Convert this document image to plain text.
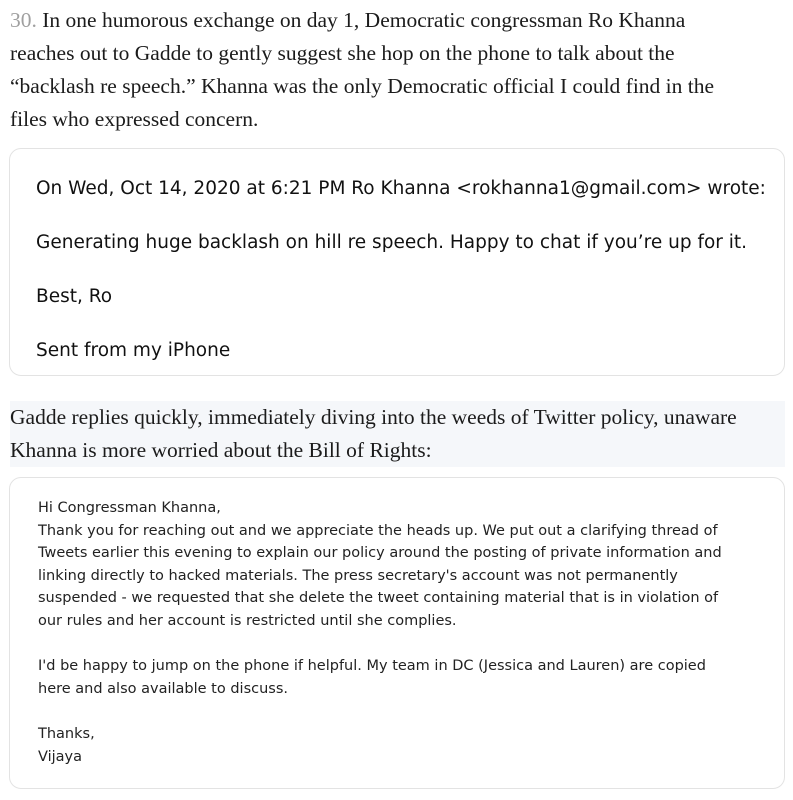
30. In one humorous exchange on day 1, Democratic congressman Ro Khanna
reaches out to Gadde to gently suggest she hop on the phone to talk about the
“backlash re speech.” Khanna was the only Democratic official I could find in the
files who expressed concern.

On Wed, Oct 14, 2020 at 6:21 PM Ro Khanna <rokhanna1@gmail.com> wrote:
Generating huge backlash on hill re speech. Happy to chat if you’re up for it.
Best, Ro
Sent from my iPhone

Gadde replies quickly, immediately diving into the weeds of Twitter policy, unaware
Khanna is more worried about the Bill of Rights:

Hi Congressman Khanna,
Thank you for reaching out and we appreciate the heads up. We put out a clarifying thread of
Tweets earlier this evening to explain our policy around the posting of private information and
linking directly to hacked materials. The press secretary's account was not permanently
suspended - we requested that she delete the tweet containing material that is in violation of
our rules and her account is restricted until she complies.
I'd be happy to jump on the phone if helpful. My team in DC (Jessica and Lauren) are copied
here and also available to discuss.
Thanks,
Vijaya
